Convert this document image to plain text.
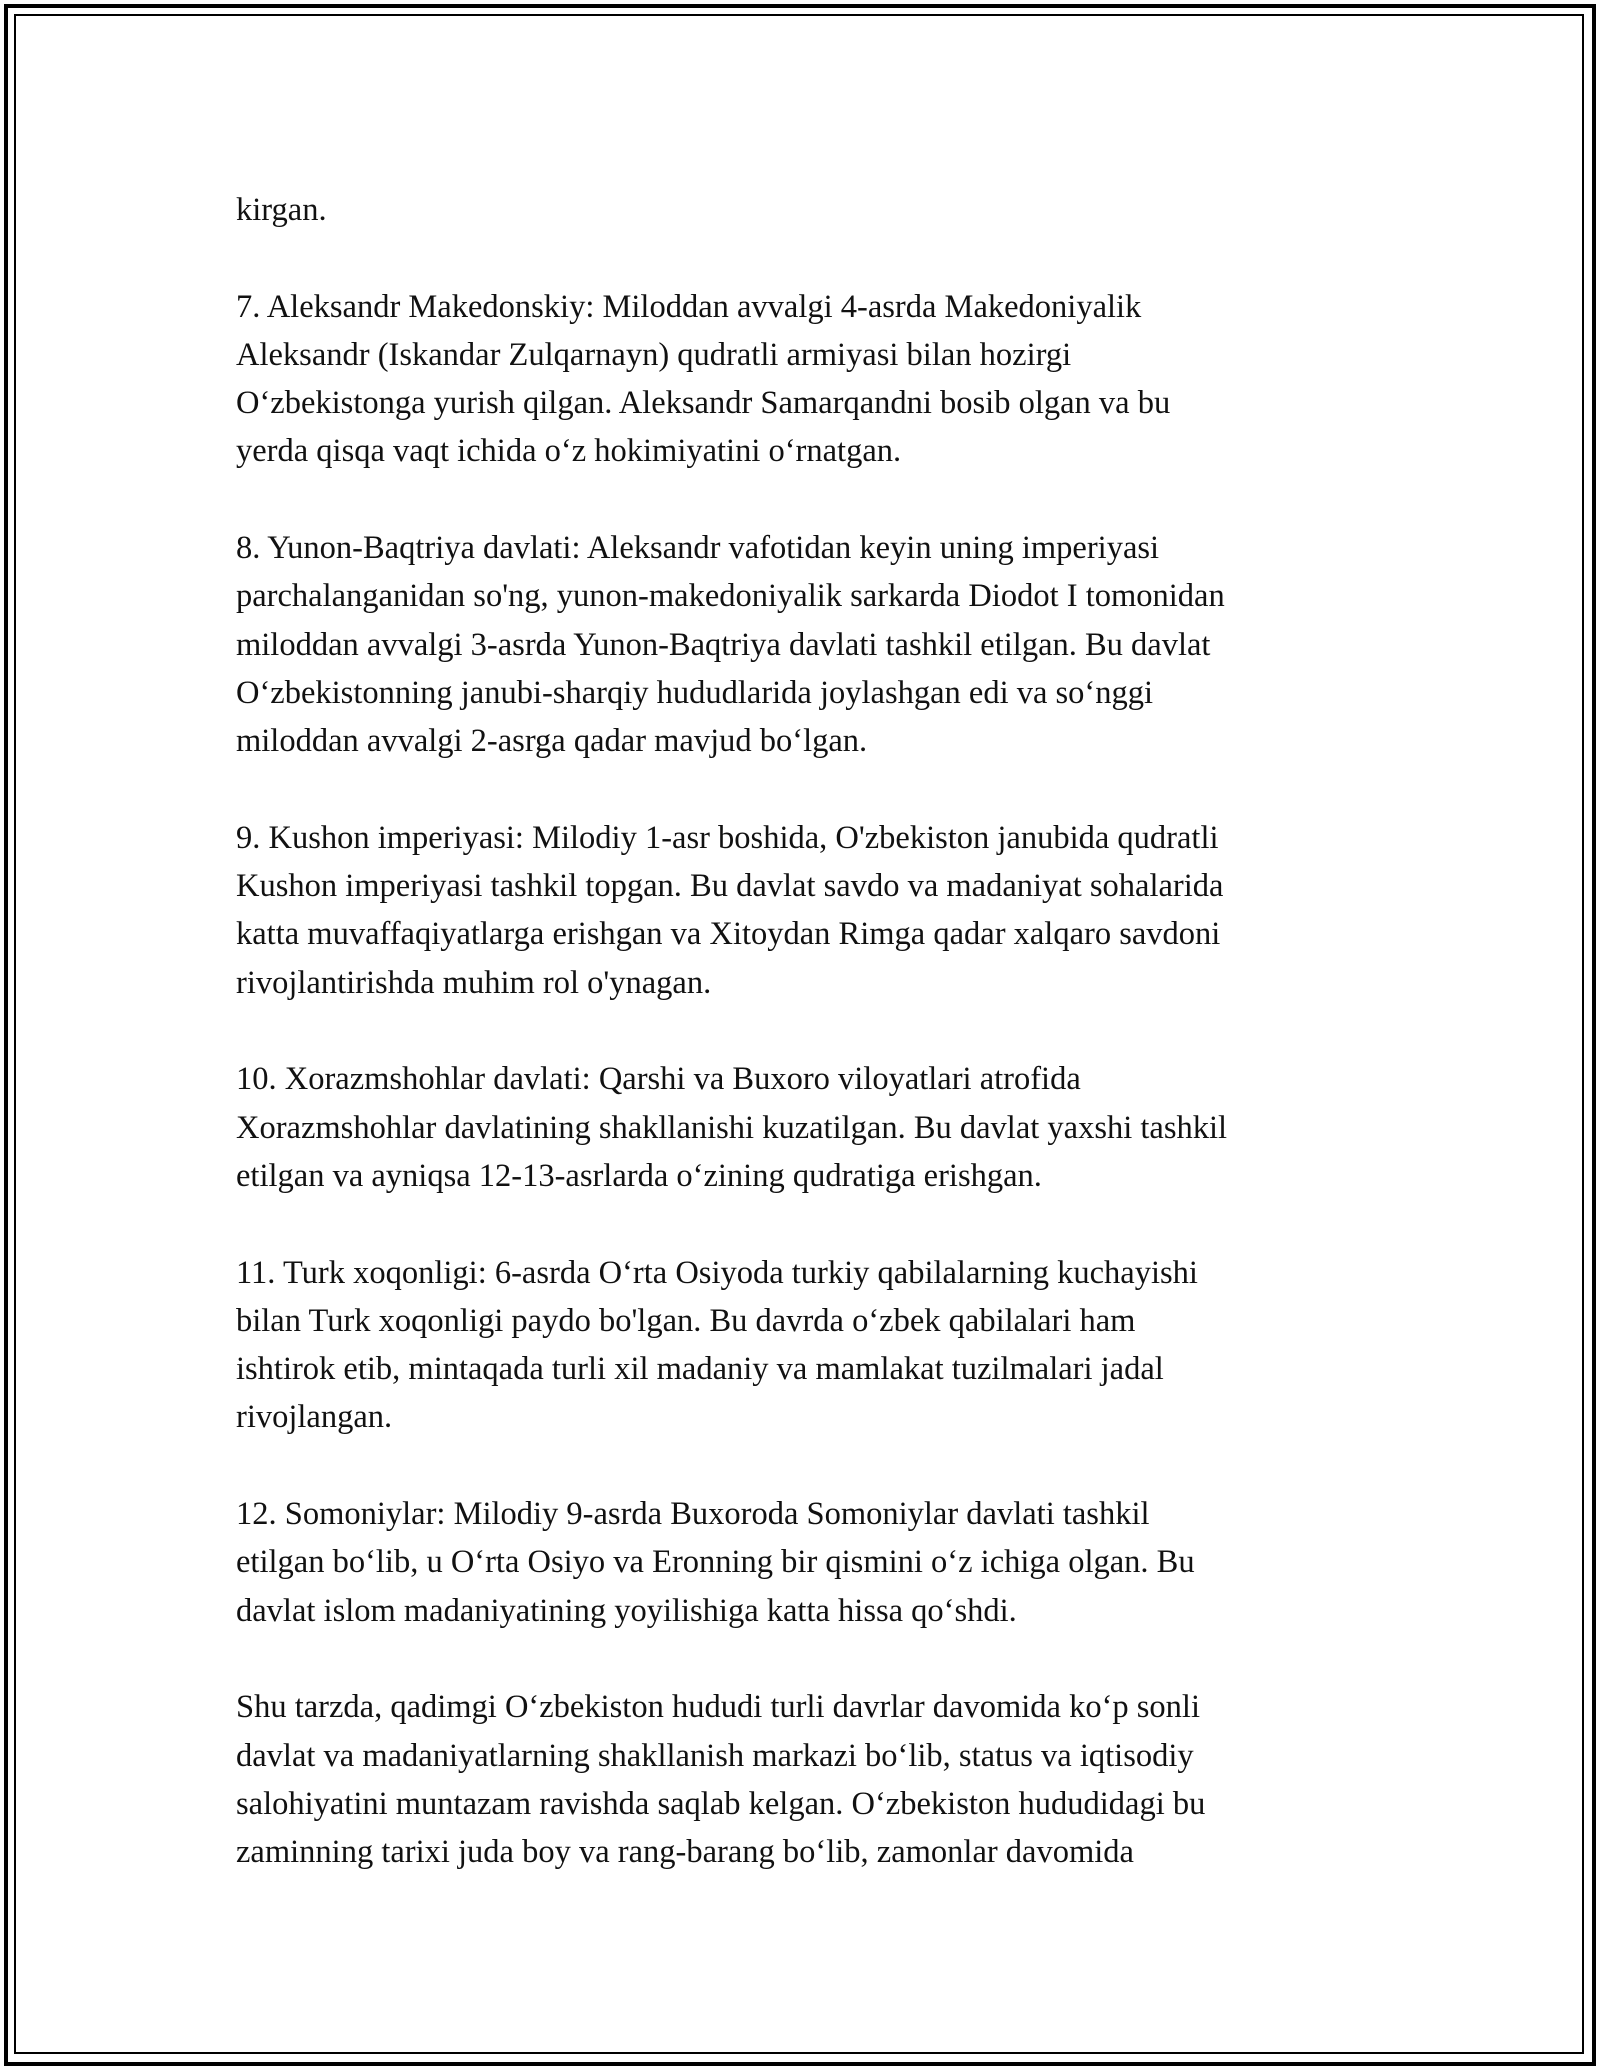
kirgan.

7. Aleksandr Makedonskiy: Miloddan avvalgi 4-asrda Makedoniyalik
Aleksandr (Iskandar Zulqarnayn) qudratli armiyasi bilan hozirgi
O‘zbekistonga yurish qilgan. Aleksandr Samarqandni bosib olgan va bu
yerda qisqa vaqt ichida o‘z hokimiyatini o‘rnatgan.

8. Yunon-Baqtriya davlati: Aleksandr vafotidan keyin uning imperiyasi
parchalanganidan so'ng, yunon-makedoniyalik sarkarda Diodot I tomonidan
miloddan avvalgi 3-asrda Yunon-Baqtriya davlati tashkil etilgan. Bu davlat
O‘zbekistonning janubi-sharqiy hududlarida joylashgan edi va so‘nggi
miloddan avvalgi 2-asrga qadar mavjud bo‘lgan.

9. Kushon imperiyasi: Milodiy 1-asr boshida, O'zbekiston janubida qudratli
Kushon imperiyasi tashkil topgan. Bu davlat savdo va madaniyat sohalarida
katta muvaffaqiyatlarga erishgan va Xitoydan Rimga qadar xalqaro savdoni
rivojlantirishda muhim rol o'ynagan.

10. Xorazmshohlar davlati: Qarshi va Buxoro viloyatlari atrofida
Xorazmshohlar davlatining shakllanishi kuzatilgan. Bu davlat yaxshi tashkil
etilgan va ayniqsa 12-13-asrlarda o‘zining qudratiga erishgan.

11. Turk xoqonligi: 6-asrda O‘rta Osiyoda turkiy qabilalarning kuchayishi
bilan Turk xoqonligi paydo bo'lgan. Bu davrda o‘zbek qabilalari ham
ishtirok etib, mintaqada turli xil madaniy va mamlakat tuzilmalari jadal
rivojlangan.

12. Somoniylar: Milodiy 9-asrda Buxoroda Somoniylar davlati tashkil
etilgan bo‘lib, u O‘rta Osiyo va Eronning bir qismini o‘z ichiga olgan. Bu
davlat islom madaniyatining yoyilishiga katta hissa qo‘shdi.

Shu tarzda, qadimgi O‘zbekiston hududi turli davrlar davomida ko‘p sonli
davlat va madaniyatlarning shakllanish markazi bo‘lib, status va iqtisodiy
salohiyatini muntazam ravishda saqlab kelgan. O‘zbekiston hududidagi bu
zaminning tarixi juda boy va rang-barang bo‘lib, zamonlar davomida
